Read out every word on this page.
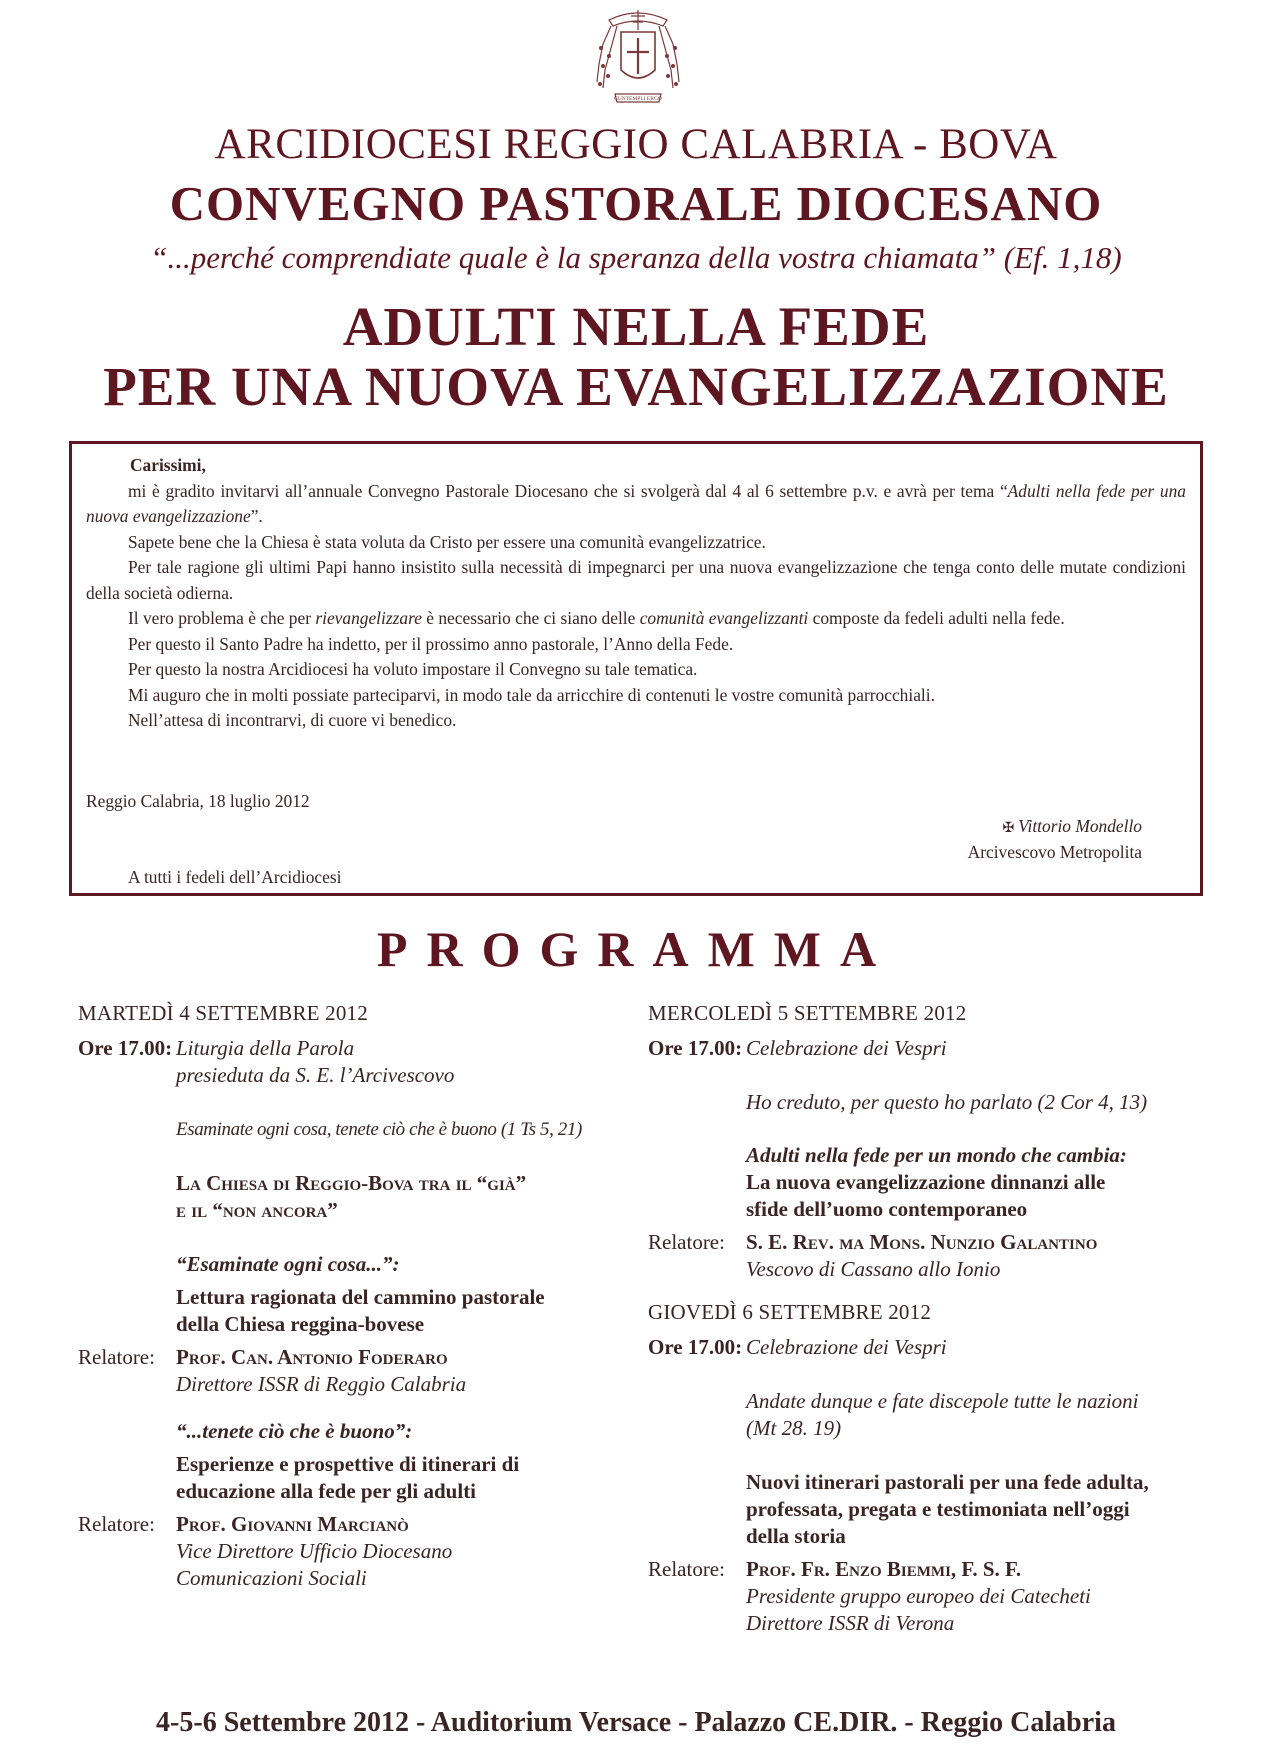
CUNTEMPLI ERGO
ARCIDIOCESI REGGIO CALABRIA - BOVA
CONVEGNO PASTORALE DIOCESANO
“...perché comprendiate quale è la speranza della vostra chiamata” (Ef. 1,18)
ADULTI NELLA FEDE
PER UNA NUOVA EVANGELIZZAZIONE

Carissimi,

mi è gradito invitarvi all’annuale Convegno Pastorale Diocesano che si svolgerà dal 4 al 6 settembre p.v. e avrà per tema “Adulti nella fede per una nuova evangelizzazione”.

Sapete bene che la Chiesa è stata voluta da Cristo per essere una comunità evangelizzatrice.

Per tale ragione gli ultimi Papi hanno insistito sulla necessità di impegnarci per una nuova evangelizzazione che tenga conto delle mutate condizioni della società odierna.

Il vero problema è che per rievangelizzare è necessario che ci siano delle comunità evangelizzanti composte da fedeli adulti nella fede.

Per questo il Santo Padre ha indetto, per il prossimo anno pastorale, l’Anno della Fede.

Per questo la nostra Arcidiocesi ha voluto impostare il Convegno su tale tematica.

Mi auguro che in molti possiate parteciparvi, in modo tale da arricchire di contenuti le vostre comunità parrocchiali.

Nell’attesa di incontrarvi, di cuore vi benedico.

Reggio Calabria, 18 luglio 2012
✠ Vittorio Mondello
Arcivescovo Metropolita
A tutti i fedeli dell’Arcidiocesi
PROGRAMMA
MARTEDÌ 4 SETTEMBRE 2012
Ore 17.00: Liturgia della Parola
presieduta da S. E. l’Arcivescovo
Esaminate ogni cosa, tenete ciò che è buono (1 Ts 5, 21)
La Chiesa di Reggio-Bova tra il “già”
e il “non ancora”
“Esaminate ogni cosa...”:
Lettura ragionata del cammino pastorale
della Chiesa reggina-bovese
Relatore:	Prof. Can. Antonio Foderaro
Direttore ISSR di Reggio Calabria
“...tenete ciò che è buono”:
Esperienze e prospettive di itinerari di
educazione alla fede per gli adulti
Relatore:	Prof. Giovanni Marcianò
Vice Direttore Ufficio Diocesano
Comunicazioni Sociali
MERCOLEDÌ 5 SETTEMBRE 2012
Ore 17.00: Celebrazione dei Vespri
Ho creduto, per questo ho parlato (2 Cor 4, 13)
Adulti nella fede per un mondo che cambia:
La nuova evangelizzazione dinnanzi alle
sfide dell’uomo contemporaneo
Relatore:	S. E. Rev. ma Mons. Nunzio Galantino
Vescovo di Cassano allo Ionio
GIOVEDÌ 6 SETTEMBRE 2012
Ore 17.00: Celebrazione dei Vespri
Andate dunque e fate discepole tutte le nazioni
(Mt 28. 19)
Nuovi itinerari pastorali per una fede adulta,
professata, pregata e testimoniata nell’oggi
della storia
Relatore:	Prof. Fr. Enzo Biemmi, F. S. F.
Presidente gruppo europeo dei Catecheti
Direttore ISSR di Verona
4-5-6 Settembre 2012 - Auditorium Versace - Palazzo CE.DIR. - Reggio Calabria
